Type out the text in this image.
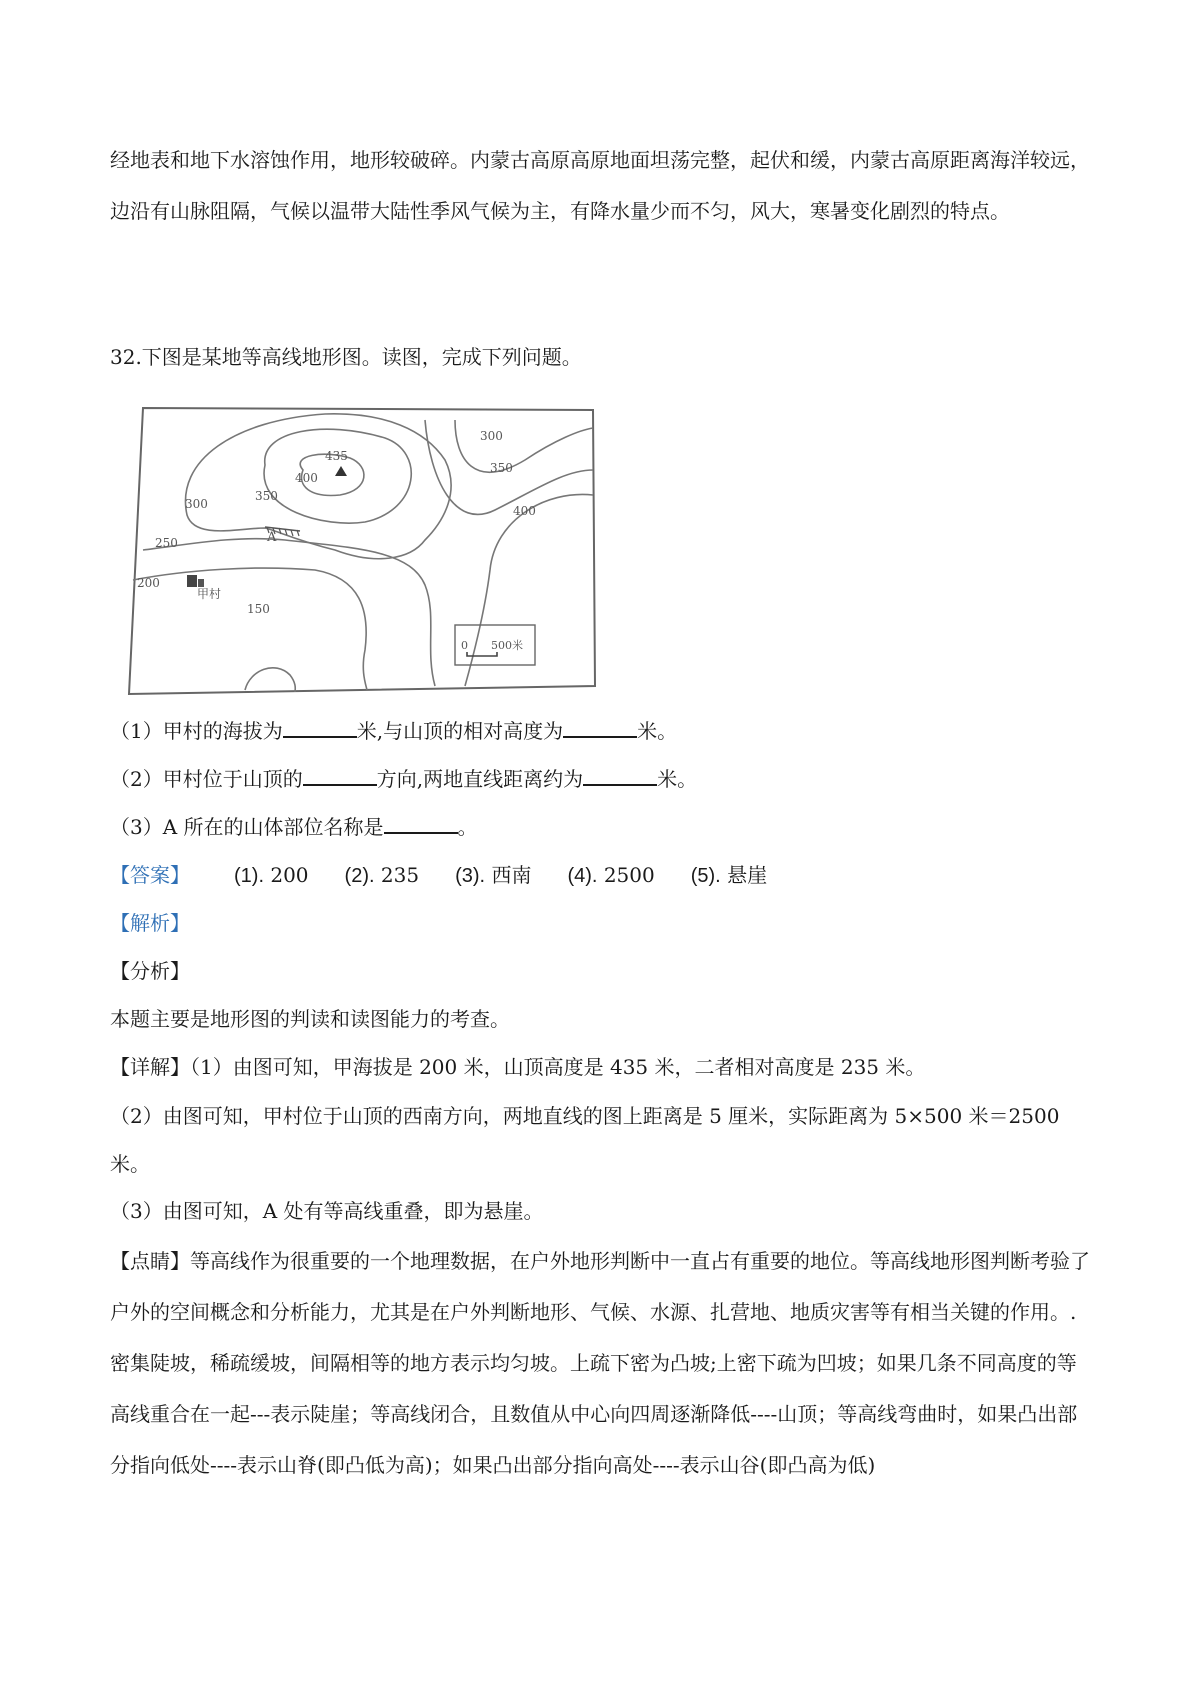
经地表和地下水溶蚀作用，地形较破碎。内蒙古高原高原地面坦荡完整，起伏和缓，内蒙古高原距离海洋较远，边沿有山脉阻隔，气候以温带大陆性季风气候为主，有降水量少而不匀，风大，寒暑变化剧烈的特点。

32.下图是某地等高线地形图。读图，完成下列问题。

300
350
400
435
400
350
300
250
200
150
甲村
A
0 500米

（1）甲村的海拔为	米,与山顶的相对高度为	米。

（2）甲村位于山顶的	方向,两地直线距离约为	米。

（3）A 所在的山体部位名称是	。

【答案】 (1). 200 (2). 235 (3). 西南 (4). 2500 (5). 悬崖

【解析】

【分析】

本题主要是地形图的判读和读图能力的考查。

【详解】（1）由图可知，甲海拔是 200 米，山顶高度是 435 米，二者相对高度是 235 米。

（2）由图可知，甲村位于山顶的西南方向，两地直线的图上距离是 5 厘米，实际距离为 5×500 米＝2500 米。

（3）由图可知，A 处有等高线重叠，即为悬崖。

【点睛】等高线作为很重要的一个地理数据，在户外地形判断中一直占有重要的地位。等高线地形图判断考验了户外的空间概念和分析能力，尤其是在户外判断地形、气候、水源、扎营地、地质灾害等有相当关键的作用。.密集陡坡，稀疏缓坡，间隔相等的地方表示均匀坡。上疏下密为凸坡;上密下疏为凹坡；如果几条不同高度的等高线重合在一起---表示陡崖；等高线闭合，且数值从中心向四周逐渐降低----山顶；等高线弯曲时，如果凸出部分指向低处----表示山脊(即凸低为高)；如果凸出部分指向高处----表示山谷(即凸高为低)
